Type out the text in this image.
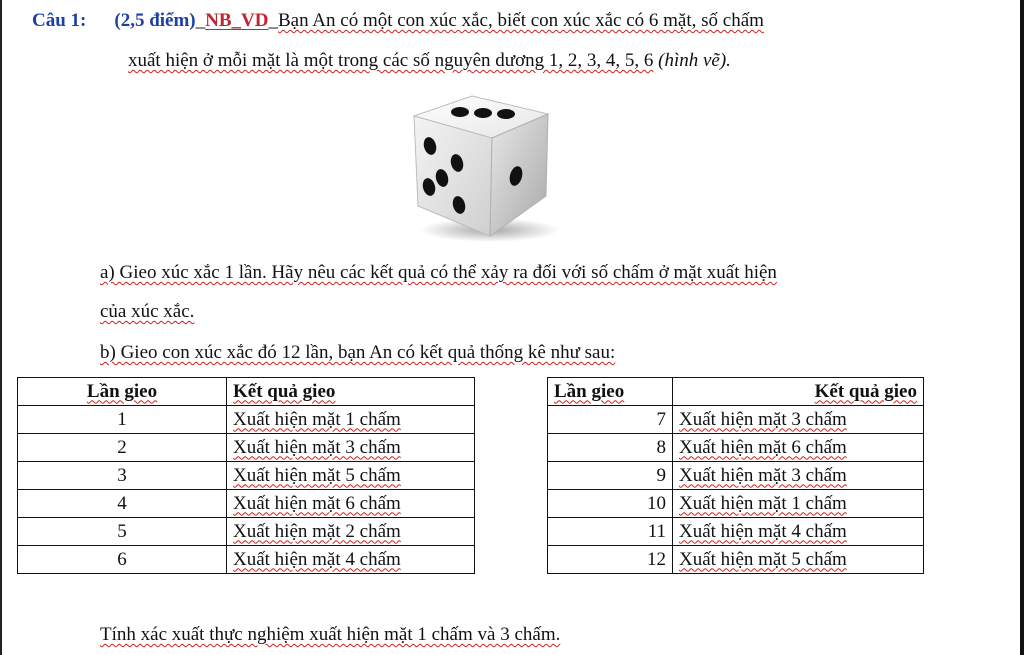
Câu 1: (2,5 điểm)_NB_VD_Bạn An có một con xúc xắc, biết con xúc xắc có 6 mặt, số chấm
xuất hiện ở mỗi mặt là một trong các số nguyên dương 1, 2, 3, 4, 5, 6 (hình vẽ).
a) Gieo xúc xắc 1 lần. Hãy nêu các kết quả có thể xảy ra đối với số chấm ở mặt xuất hiện
của xúc xắc.
b) Gieo con xúc xắc đó 12 lần, bạn An có kết quả thống kê như sau:
Lần gieo	Kết quả gieo
1	Xuất hiện mặt 1 chấm
2	Xuất hiện mặt 3 chấm
3	Xuất hiện mặt 5 chấm
4	Xuất hiện mặt 6 chấm
5	Xuất hiện mặt 2 chấm
6	Xuất hiện mặt 4 chấm
Lần gieo	Kết quả gieo
7	Xuất hiện mặt 3 chấm
8	Xuất hiện mặt 6 chấm
9	Xuất hiện mặt 3 chấm
10	Xuất hiện mặt 1 chấm
11	Xuất hiện mặt 4 chấm
12	Xuất hiện mặt 5 chấm
Tính xác xuất thực nghiệm xuất hiện mặt 1 chấm và 3 chấm.
